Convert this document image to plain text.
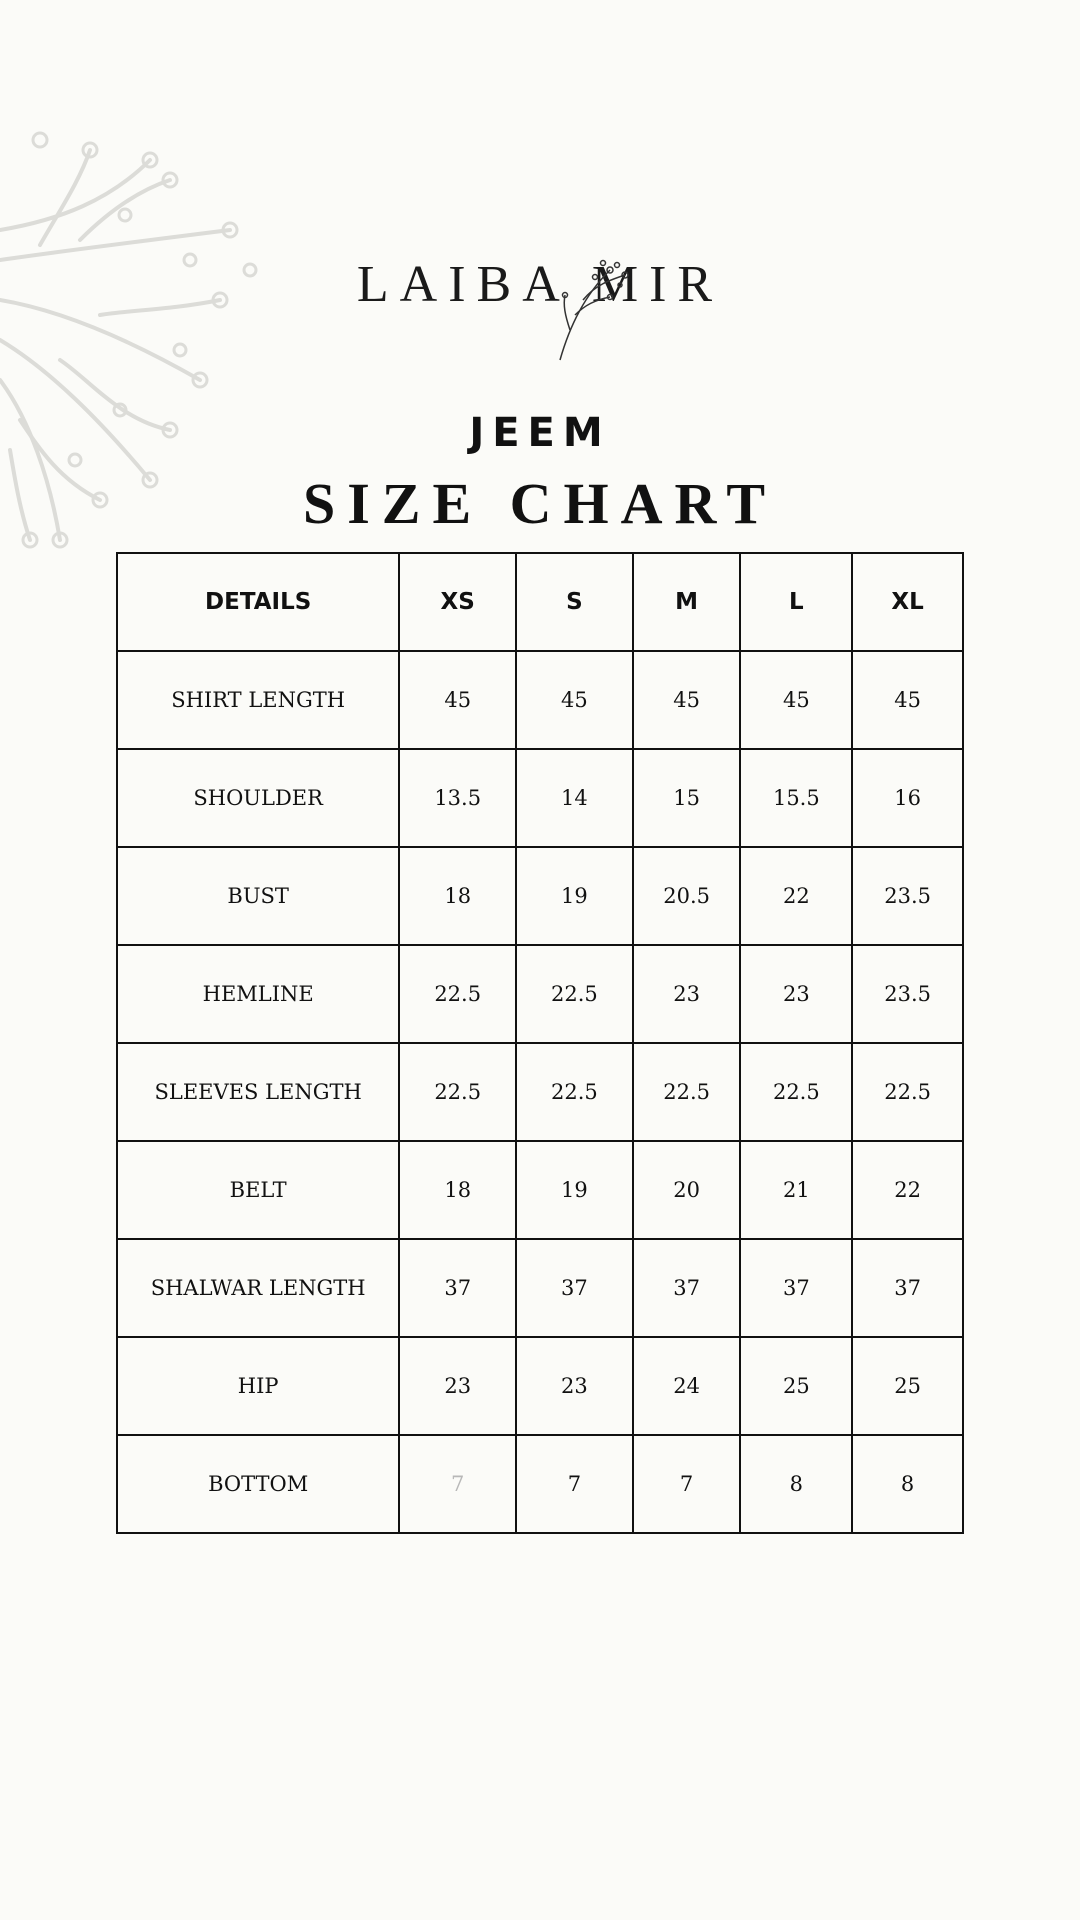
LAIBA MIR
JEEM
SIZE CHART
DETAILS	XS	S	M	L	XL
SHIRT LENGTH	45	45	45	45	45
SHOULDER	13.5	14	15	15.5	16
BUST	18	19	20.5	22	23.5
HEMLINE	22.5	22.5	23	23	23.5
SLEEVES LENGTH	22.5	22.5	22.5	22.5	22.5
BELT	18	19	20	21	22
SHALWAR LENGTH	37	37	37	37	37
HIP	23	23	24	25	25
BOTTOM	7	7	7	8	8
